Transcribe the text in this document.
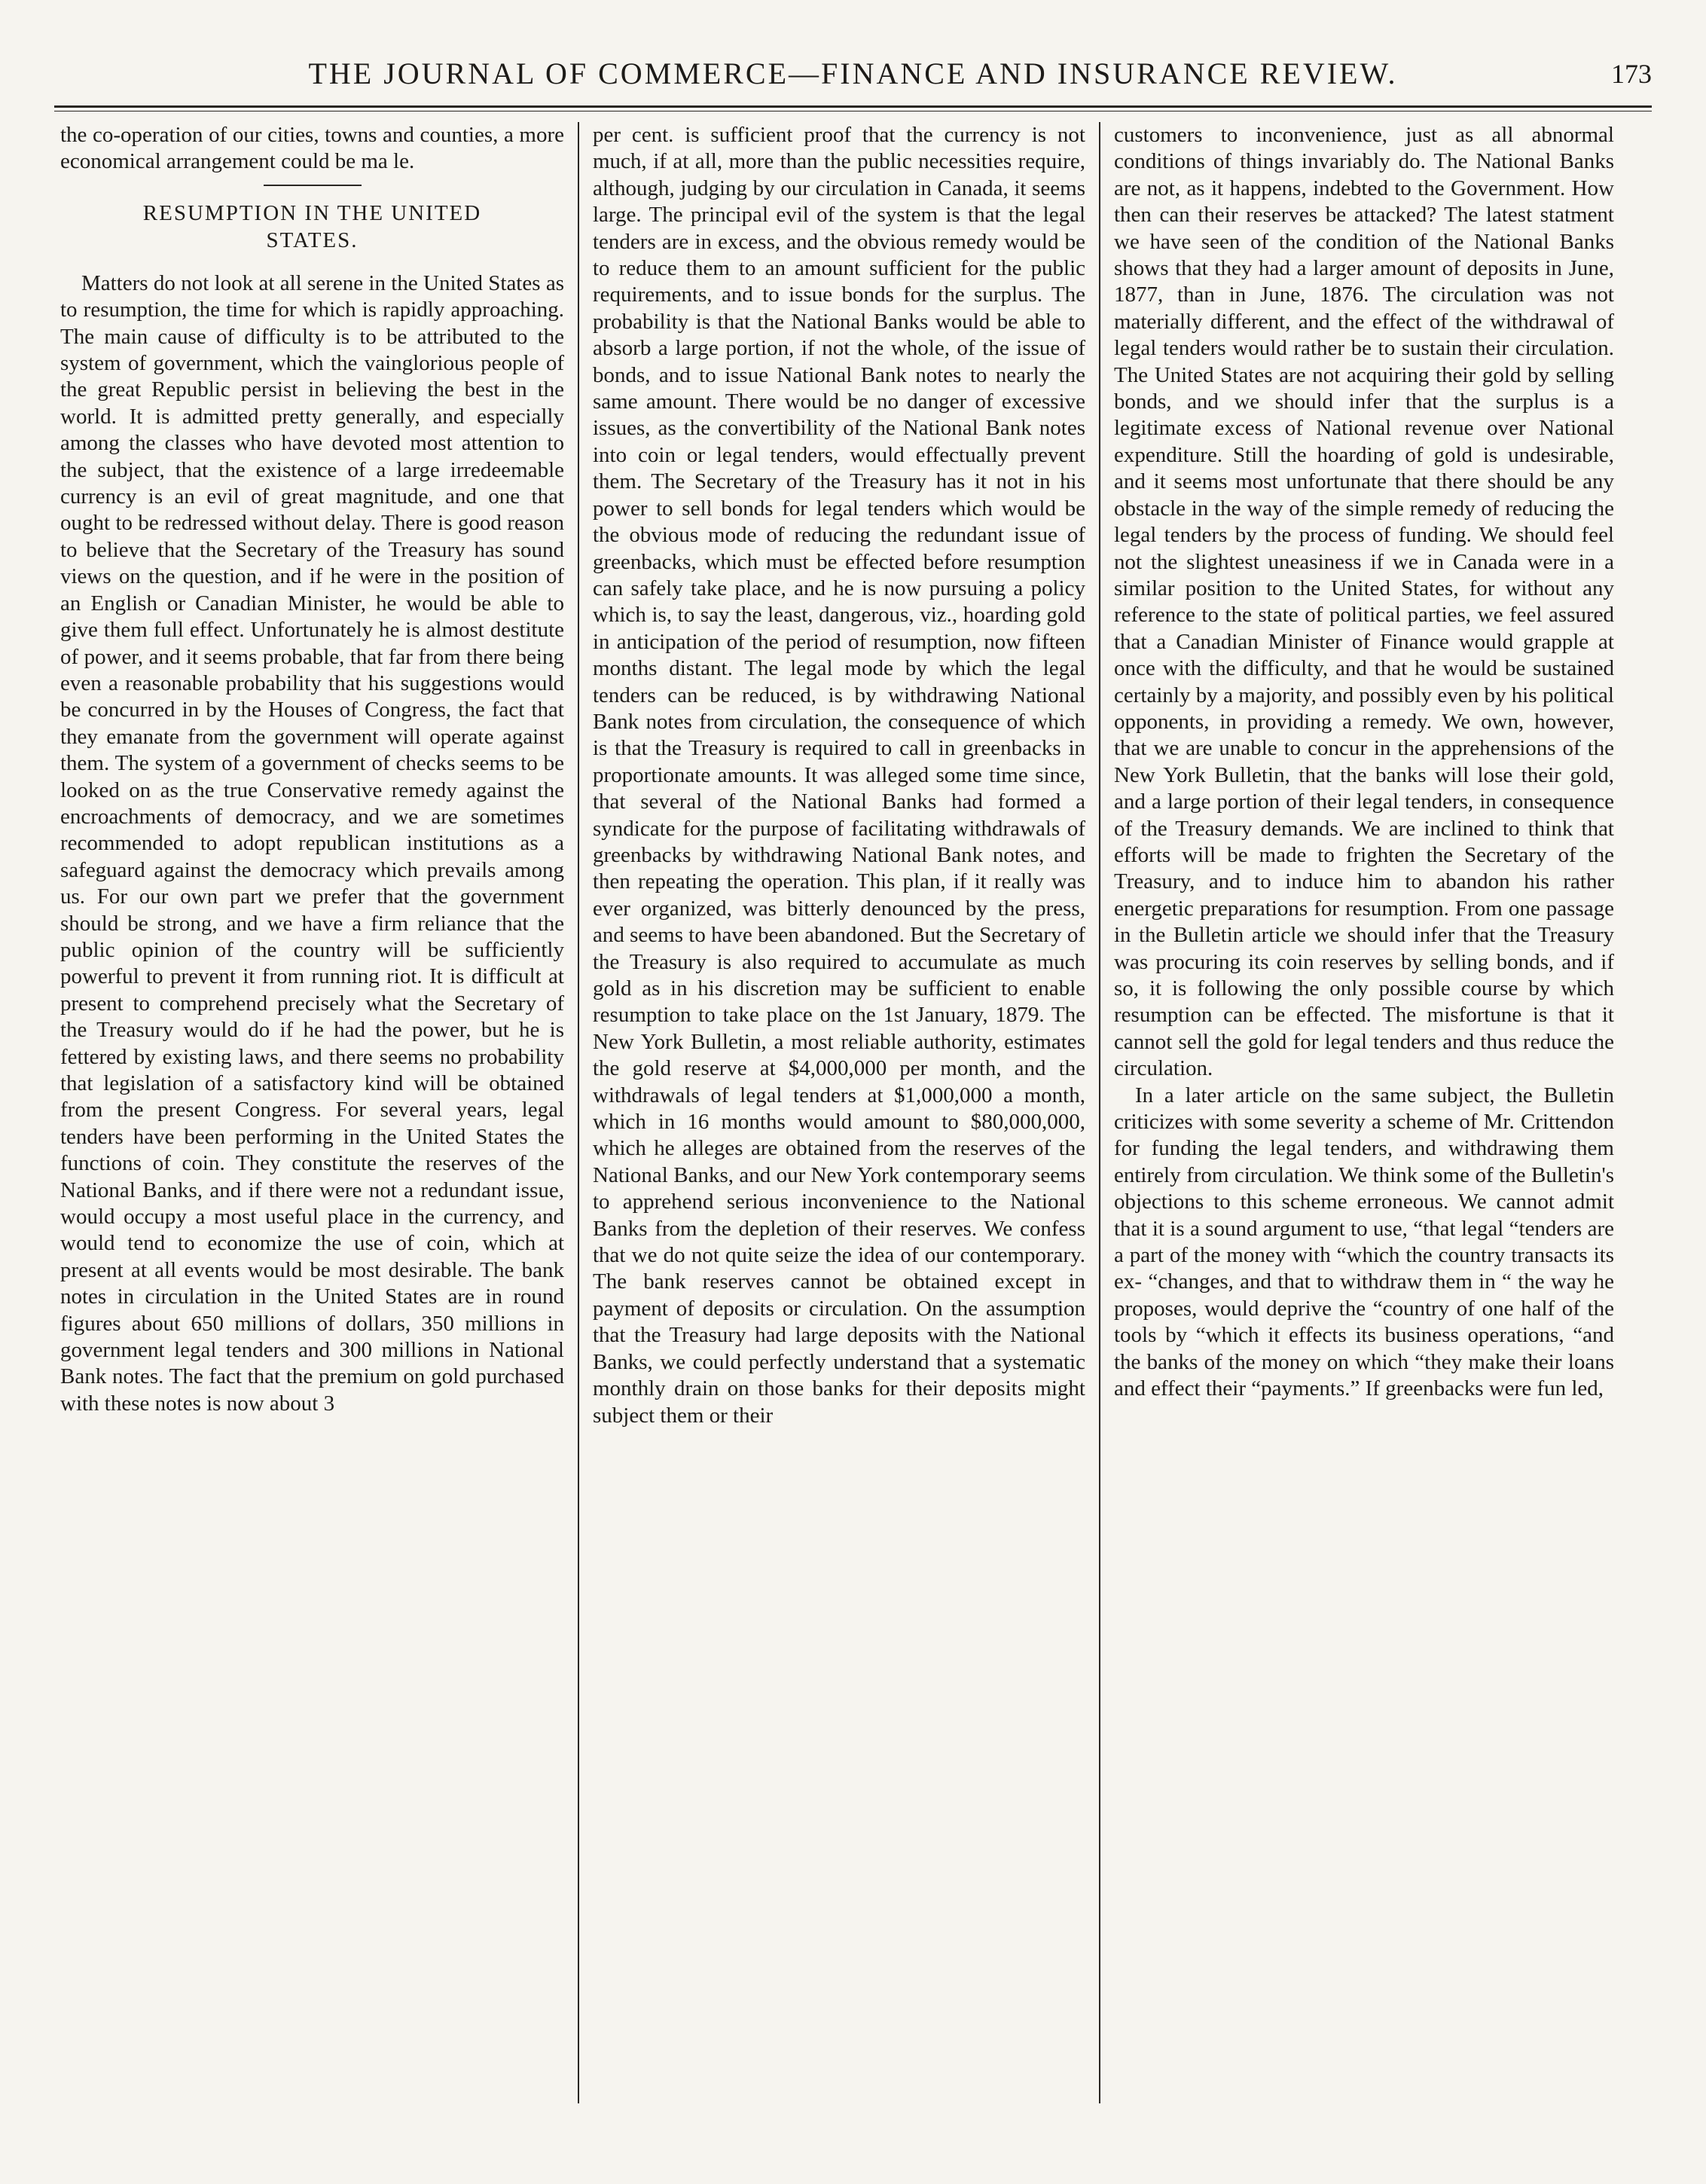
THE JOURNAL OF COMMERCE—FINANCE AND INSURANCE REVIEW.	173

the co-operation of our cities, towns and counties, a more economical arrangement could be ma le.

RESUMPTION IN THE UNITED
STATES.

Matters do not look at all serene in the United States as to resumption, the time for which is rapidly approaching. The main cause of difficulty is to be attributed to the system of government, which the vainglorious people of the great Republic persist in believing the best in the world. It is admitted pretty generally, and especially among the classes who have devoted most attention to the subject, that the existence of a large irredeemable currency is an evil of great magnitude, and one that ought to be redressed without delay. There is good reason to believe that the Secretary of the Treasury has sound views on the question, and if he were in the position of an English or Canadian Minister, he would be able to give them full effect. Unfortunately he is almost destitute of power, and it seems probable, that far from there being even a reasonable probability that his suggestions would be concurred in by the Houses of Congress, the fact that they emanate from the government will operate against them. The system of a government of checks seems to be looked on as the true Conservative remedy against the encroachments of democracy, and we are sometimes recommended to adopt republican institutions as a safeguard against the democracy which prevails among us. For our own part we prefer that the government should be strong, and we have a firm reliance that the public opinion of the country will be sufficiently powerful to prevent it from running riot. It is difficult at present to comprehend precisely what the Secretary of the Treasury would do if he had the power, but he is fettered by existing laws, and there seems no probability that legislation of a satisfactory kind will be obtained from the present Congress. For several years, legal tenders have been performing in the United States the functions of coin. They constitute the reserves of the National Banks, and if there were not a redundant issue, would occupy a most useful place in the currency, and would tend to economize the use of coin, which at present at all events would be most desirable. The bank notes in circulation in the United States are in round figures about 650 millions of dollars, 350 millions in government legal tenders and 300 millions in National Bank notes. The fact that the premium on gold purchased with these notes is now about 3

per cent. is sufficient proof that the currency is not much, if at all, more than the public necessities require, although, judging by our circulation in Canada, it seems large. The principal evil of the system is that the legal tenders are in excess, and the obvious remedy would be to reduce them to an amount sufficient for the public requirements, and to issue bonds for the surplus. The probability is that the National Banks would be able to absorb a large portion, if not the whole, of the issue of bonds, and to issue National Bank notes to nearly the same amount. There would be no danger of excessive issues, as the convertibility of the National Bank notes into coin or legal tenders, would effectually prevent them. The Secretary of the Treasury has it not in his power to sell bonds for legal tenders which would be the obvious mode of reducing the redundant issue of greenbacks, which must be effected before resumption can safely take place, and he is now pursuing a policy which is, to say the least, dangerous, viz., hoarding gold in anticipation of the period of resumption, now fifteen months distant. The legal mode by which the legal tenders can be reduced, is by withdrawing National Bank notes from circulation, the consequence of which is that the Treasury is required to call in greenbacks in proportionate amounts. It was alleged some time since, that several of the National Banks had formed a syndicate for the purpose of facilitating withdrawals of greenbacks by withdrawing National Bank notes, and then repeating the operation. This plan, if it really was ever organized, was bitterly denounced by the press, and seems to have been abandoned. But the Secretary of the Treasury is also required to accumulate as much gold as in his discretion may be sufficient to enable resumption to take place on the 1st January, 1879. The New York Bulletin, a most reliable authority, estimates the gold reserve at $4,000,000 per month, and the withdrawals of legal tenders at $1,000,000 a month, which in 16 months would amount to $80,000,000, which he alleges are obtained from the reserves of the National Banks, and our New York contemporary seems to apprehend serious inconvenience to the National Banks from the depletion of their reserves. We confess that we do not quite seize the idea of our contemporary. The bank reserves cannot be obtained except in payment of deposits or circulation. On the assumption that the Treasury had large deposits with the National Banks, we could perfectly understand that a systematic monthly drain on those banks for their deposits might subject them or their

customers to inconvenience, just as all abnormal conditions of things invariably do. The National Banks are not, as it happens, indebted to the Government. How then can their reserves be attacked? The latest statment we have seen of the condition of the National Banks shows that they had a larger amount of deposits in June, 1877, than in June, 1876. The circulation was not materially different, and the effect of the withdrawal of legal tenders would rather be to sustain their circulation. The United States are not acquiring their gold by selling bonds, and we should infer that the surplus is a legitimate excess of National revenue over National expenditure. Still the hoarding of gold is undesirable, and it seems most unfortunate that there should be any obstacle in the way of the simple remedy of reducing the legal tenders by the process of funding. We should feel not the slightest uneasiness if we in Canada were in a similar position to the United States, for without any reference to the state of political parties, we feel assured that a Canadian Minister of Finance would grapple at once with the difficulty, and that he would be sustained certainly by a majority, and possibly even by his political opponents, in providing a remedy. We own, however, that we are unable to concur in the apprehensions of the New York Bulletin, that the banks will lose their gold, and a large portion of their legal tenders, in consequence of the Treasury demands. We are inclined to think that efforts will be made to frighten the Secretary of the Treasury, and to induce him to abandon his rather energetic preparations for resumption. From one passage in the Bulletin article we should infer that the Treasury was procuring its coin reserves by selling bonds, and if so, it is following the only possible course by which resumption can be effected. The misfortune is that it cannot sell the gold for legal tenders and thus reduce the circulation.

In a later article on the same subject, the Bulletin criticizes with some severity a scheme of Mr. Crittendon for funding the legal tenders, and withdrawing them entirely from circulation. We think some of the Bulletin's objections to this scheme erroneous. We cannot admit that it is a sound argument to use, “that legal “tenders are a part of the money with “which the country transacts its ex- “changes, and that to withdraw them in “ the way he proposes, would deprive the “country of one half of the tools by “which it effects its business operations, “and the banks of the money on which “they make their loans and effect their “payments.” If greenbacks were fun led,
